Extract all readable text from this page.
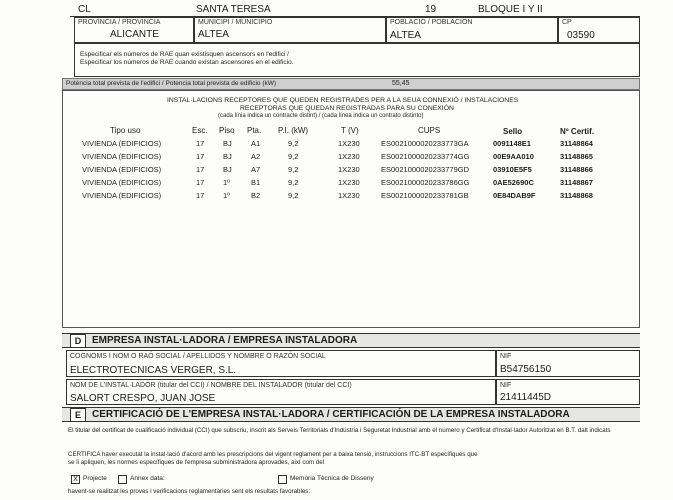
CL	SANTA TERESA	19	BLOQUE I Y II
PROVÍNCIA / PROVINCIA
ALICANTE
MUNICIPI / MUNICIPIO
ALTEA
POBLACIÓ / POBLACIÓN
ALTEA
CP
03590
Especificar els números de RAE quan existisquen ascensors en l'edifici /
Especificar los números de RAE cuando existan ascensores en el edificio.
Potència total prevista de l'edifici / Potencia total prevista de edificio (kW)	55,45
INSTAL·LACIONS RECEPTORES QUE QUEDEN REGISTRADES PER A LA SEUA CONNEXIÓ / INSTALACIONES
RECEPTORAS QUE QUEDAN REGISTRADAS PARA SU CONEXIÓN
(cada línia indica un contracte distint) / (cada línea indica un contrato distinto)
Tipo uso	Esc. Piso Pta. P.I. (kW)	T (V)	CUPS	Sello	Nº Certif.
VIVIENDA (EDIFICIOS)	17 BJ	A1	9,2	1X230	ES0021000020233773GA	0091148E1	31148864
VIVIENDA (EDIFICIOS)	17 BJ	A2	9,2	1X230	ES0021000020233774GG	00E9AA010	31148865
VIVIENDA (EDIFICIOS)	17 BJ	A7	9,2	1X230	ES0021000020233779GD	03910E5F5	31148866
VIVIENDA (EDIFICIOS)	17 1º	B1	9,2	1X230	ES0021000020233786GG	0AE52690C	31148867
VIVIENDA (EDIFICIOS)	17 1º	B2	9,2	1X230	ES0021000020233781GB	0E84DAB9F	31148868
D	EMPRESA INSTAL·LADORA / EMPRESA INSTALADORA
COGNOMS I NOM O RAÓ SOCIAL / APELLIDOS Y NOMBRE O RAZÓN SOCIAL
ELECTROTECNICAS VERGER, S.L.
NIF
B54756150
NOM DE L'INSTAL·LADOR (titular del CCI) / NOMBRE DEL INSTALADOR (titular del CCI)
SALORT CRESPO, JUAN JOSE
NIF
21411445D
E	CERTIFICACIÓ DE L'EMPRESA INSTAL·LADORA / CERTIFICACIÓN DE LA EMPRESA INSTALADORA
El titular del certificat de cualificació individual (CCI) que subscriu, inscrit als Serveis Territorials d'Indústria i Seguretat Industrial amb el número y Certificat d'Instal·lador Autoritzat en B.T. dalt indicats
CERTIFICA haver executat la instal·lació d'acord amb les prescripcions del vigent reglament per a baixa tensió, instruccions ITC-BT específiques que
se li apliquen, les normes específiques de l'empresa subministradora aprovades, així com del
X Projecte	Annex data:	Memòria Tècnica de Disseny
havent-se realitzat les proves i verificacions reglamentàries sent els resultats favorables:
